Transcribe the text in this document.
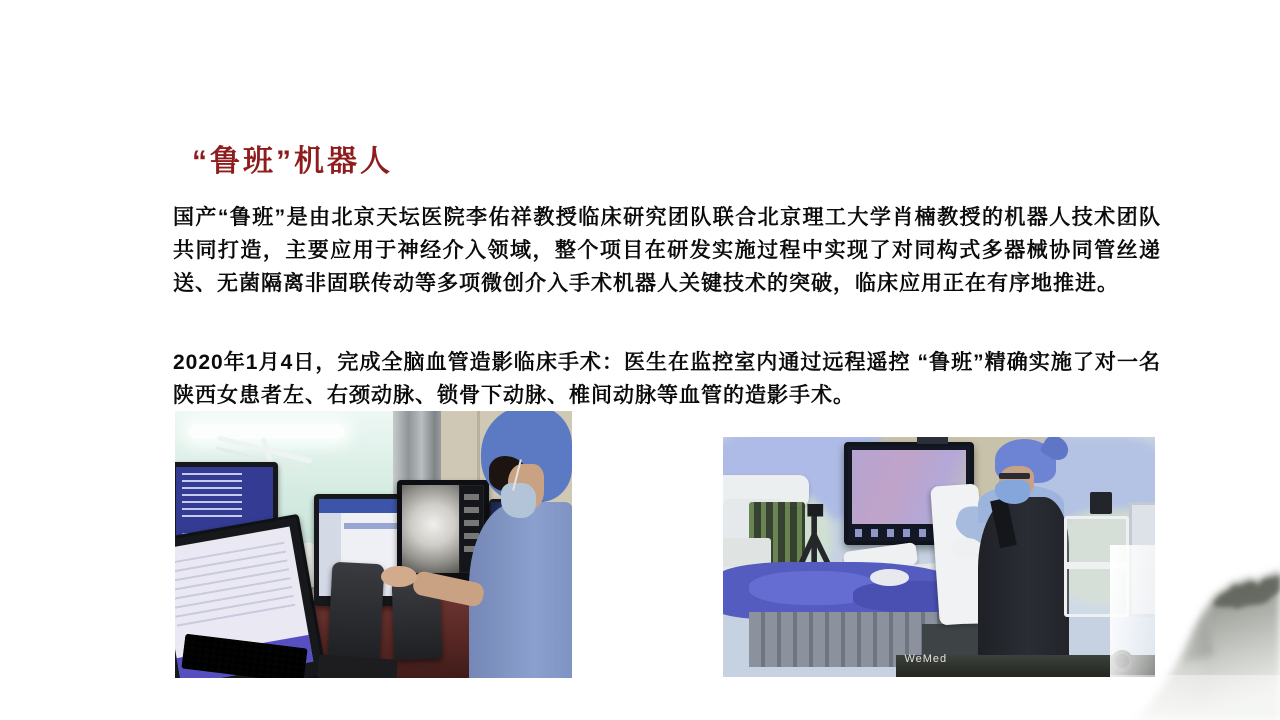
“鲁班”机器人

国产“鲁班”是由北京天坛医院李佑祥教授临床研究团队联合北京理工大学肖楠教授的机器人技术团队共同打造，主要应用于神经介入领域，整个项目在研发实施过程中实现了对同构式多器械协同管丝递送、无菌隔离非固联传动等多项微创介入手术机器人关键技术的突破，临床应用正在有序地推进。

2020年1月4日，完成全脑血管造影临床手术：医生在监控室内通过远程遥控 “鲁班”精确实施了对一名陕西女患者左、右颈动脉、锁骨下动脉、椎间动脉等血管的造影手术。

WeMed
